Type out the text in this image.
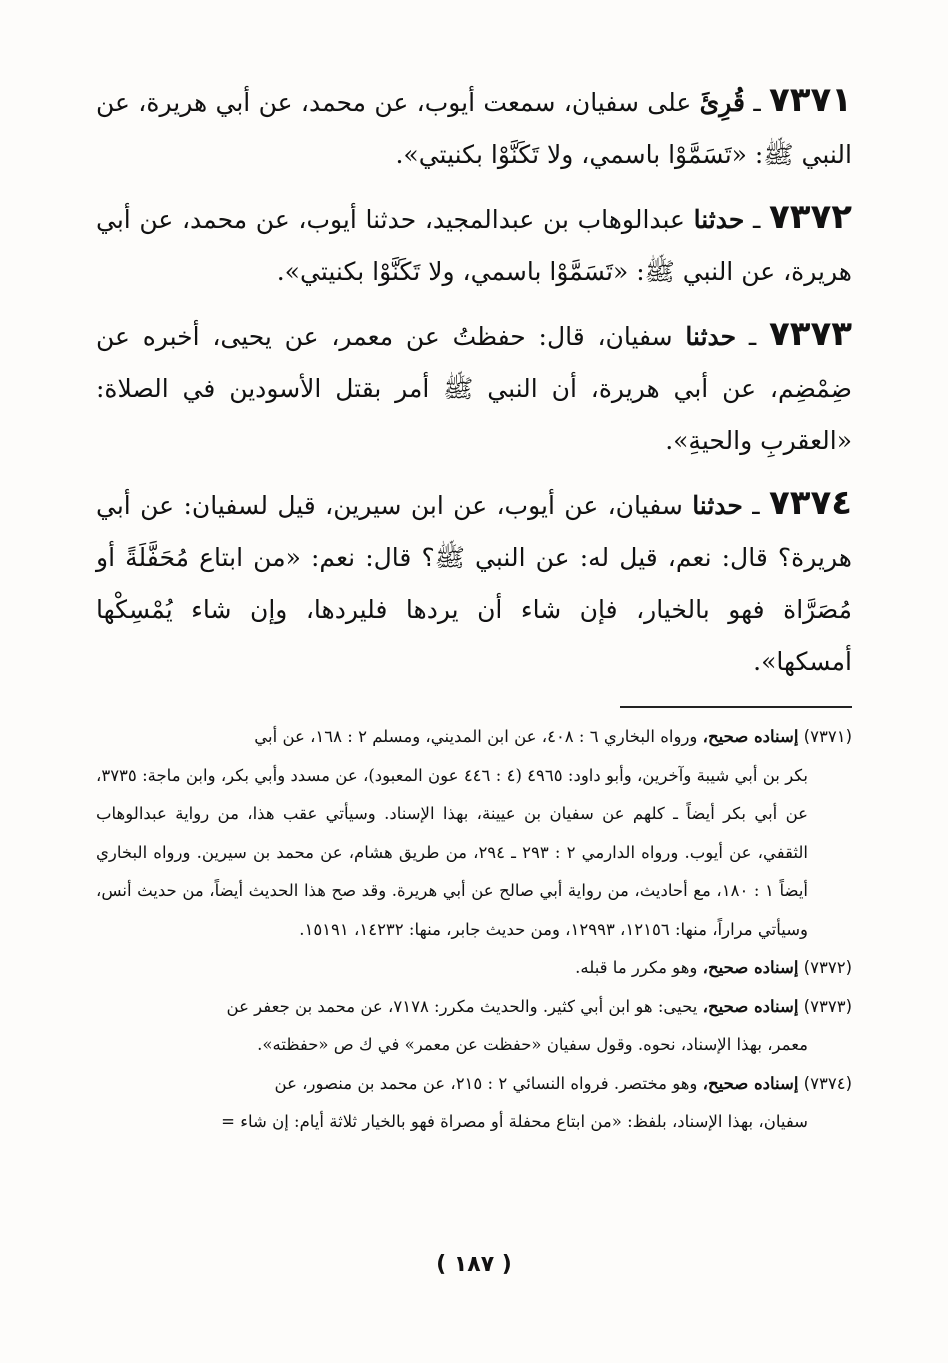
٧٣٧١ ـ قُرِئَ على سفيان، سمعت أيوب، عن محمد، عن أبي هريرة، عن النبي ﷺ: «تَسَمَّوْا باسمي، ولا تَكَنَّوْا بكنيتي».

٧٣٧٢ ـ حدثنا عبدالوهاب بن عبدالمجيد، حدثنا أيوب، عن محمد، عن أبي هريرة، عن النبي ﷺ: «تَسَمَّوْا باسمي، ولا تَكَنَّوْا بكنيتي».

٧٣٧٣ ـ حدثنا سفيان، قال: حفظتُ عن معمر، عن يحيى، أخبره عن ضِمْضِم، عن أبي هريرة، أن النبي ﷺ أمر بقتل الأسودين في الصلاة: «العقربِ والحيةِ».

٧٣٧٤ ـ حدثنا سفيان، عن أيوب، عن ابن سيرين، قيل لسفيان: عن أبي هريرة؟ قال: نعم، قيل له: عن النبي ﷺ؟ قال: نعم: «من ابتاع مُحَفَّلَةً أو مُصَرَّاة فهو بالخيار، فإن شاء أن يردها فليردها، وإن شاء يُمْسِكْها أمسكها».

(٧٣٧١) إسناده صحيح، ورواه البخاري ٦ : ٤٠٨، عن ابن المديني، ومسلم ٢ : ١٦٨، عن أبي
بكر بن أبي شيبة وآخرين، وأبو داود: ٤٩٦٥ (٤ : ٤٤٦ عون المعبود)، عن مسدد وأبي بكر، وابن ماجة: ٣٧٣٥، عن أبي بكر أيضاً ـ كلهم عن سفيان بن عيينة، بهذا الإسناد. وسيأتي عقب هذا، من رواية عبدالوهاب الثقفي، عن أيوب. ورواه الدارمي ٢ : ٢٩٣ ـ ٢٩٤، من طريق هشام، عن محمد بن سيرين. ورواه البخاري أيضاً ١ : ١٨٠، مع أحاديث، من رواية أبي صالح عن أبي هريرة. وقد صح هذا الحديث أيضاً، من حديث أنس، وسيأتي مراراً، منها: ١٢١٥٦، ١٢٩٩٣، ومن حديث جابر، منها: ١٤٢٣٢، ١٥١٩١.

(٧٣٧٢) إسناده صحيح، وهو مكرر ما قبله.

(٧٣٧٣) إسناده صحيح، يحيى: هو ابن أبي كثير. والحديث مكرر: ٧١٧٨، عن محمد بن جعفر عن
معمر، بهذا الإسناد، نحوه. وقول سفيان «حفظت عن معمر» في ك ص «حفظته».

(٧٣٧٤) إسناده صحيح، وهو مختصر. فرواه النسائي ٢ : ٢١٥، عن محمد بن منصور، عن
سفيان، بهذا الإسناد، بلفظ: «من ابتاع محفلة أو مصراة فهو بالخيار ثلاثة أيام: إن شاء =

( ١٨٧ )
